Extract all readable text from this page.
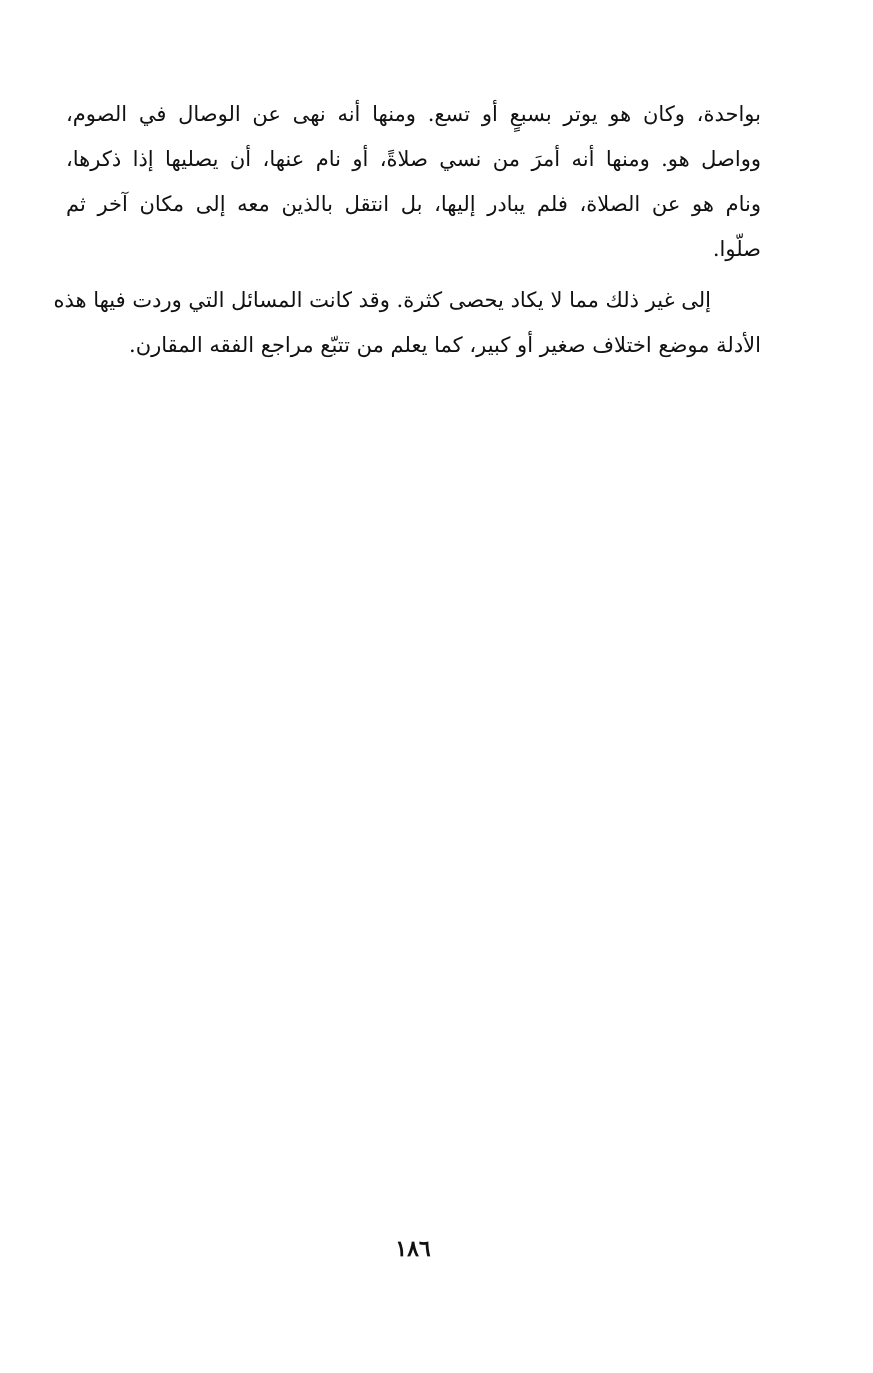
بواحدة، وكان هو يوتر بسبعٍ أو تسع. ومنها أنه نهى عن الوصال في الصوم،
وواصل هو. ومنها أنه أمرَ من نسي صلاةً، أو نام عنها، أن يصليها إذا ذكرها،
ونام هو عن الصلاة، فلم يبادر إليها، بل انتقل بالذين معه إلى مكان آخر ثم
صلّوا.
إلى غير ذلك مما لا يكاد يحصى كثرة. وقد كانت المسائل التي وردت فيها هذه
الأدلة موضع اختلاف صغير أو كبير، كما يعلم من تتبّع مراجع الفقه المقارن.
١٨٦
